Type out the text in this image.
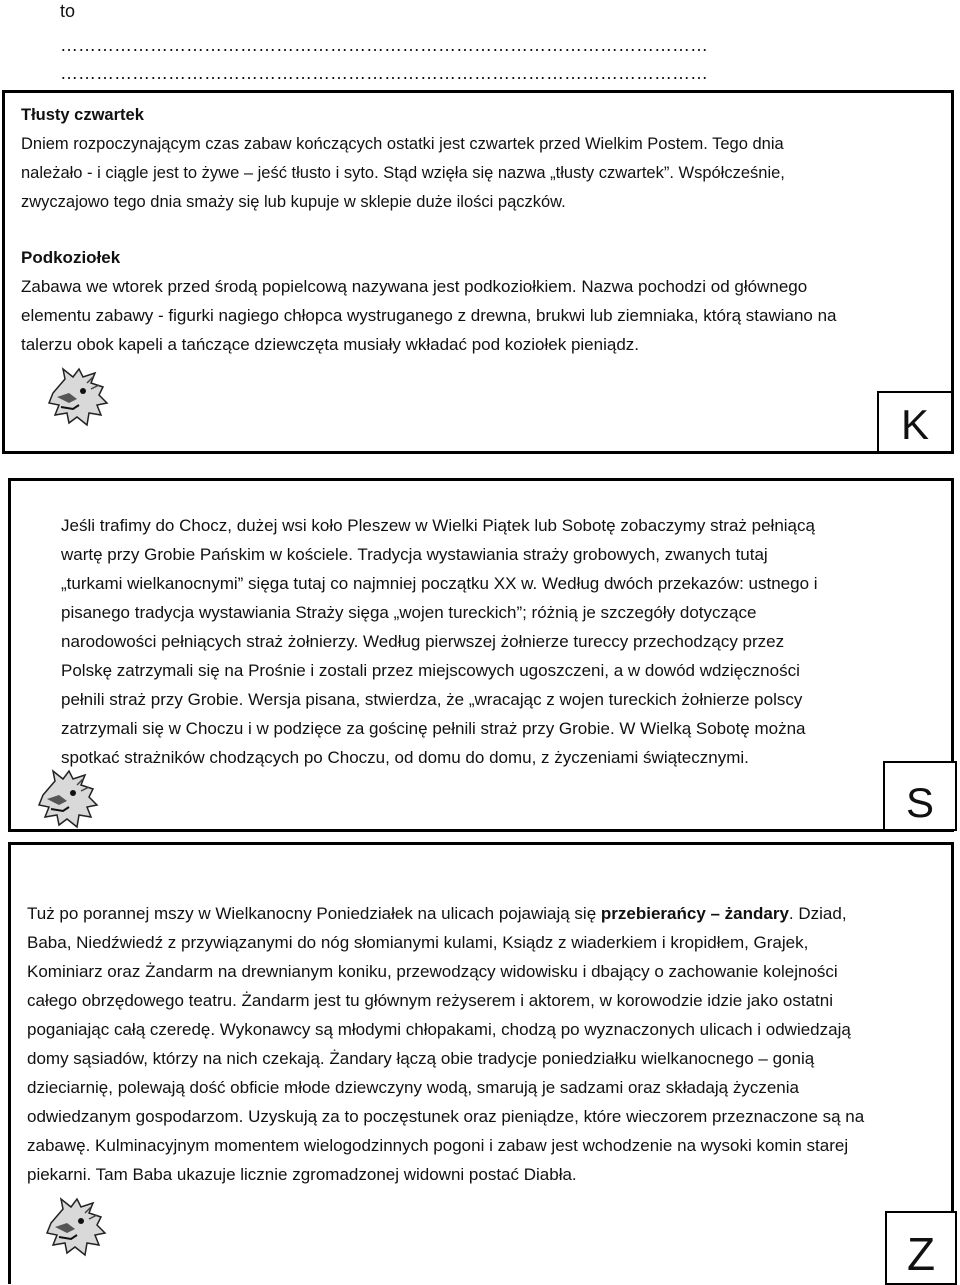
to
………………………………………………………………………………………………
………………………………………………………………………………………………

Tłusty czwartek

Dniem rozpoczynającym czas zabaw kończących ostatki jest czwartek przed Wielkim Postem. Tego dnia

należało - i ciągle jest to żywe – jeść tłusto i syto. Stąd wzięła się nazwa „tłusty czwartek”. Współcześnie,

zwyczajowo tego dnia smaży się lub kupuje w sklepie duże ilości pączków.

Podkoziołek

Zabawa we wtorek przed środą popielcową nazywana jest podkoziołkiem. Nazwa pochodzi od głównego

elementu zabawy - figurki nagiego chłopca wystruganego z drewna, brukwi lub ziemniaka, którą stawiano na

talerzu obok kapeli a tańczące dziewczęta musiały wkładać pod koziołek pieniądz.

K

Jeśli trafimy do Chocz, dużej wsi koło Pleszew w Wielki Piątek lub Sobotę zobaczymy straż pełniącą

wartę przy Grobie Pańskim w kościele. Tradycja wystawiania straży grobowych, zwanych tutaj

„turkami wielkanocnymi” sięga tutaj co najmniej początku XX w. Według dwóch przekazów: ustnego i

pisanego tradycja wystawiania Straży sięga „wojen tureckich”; różnią je szczegóły dotyczące

narodowości pełniących straż żołnierzy. Według pierwszej żołnierze tureccy przechodzący przez

Polskę zatrzymali się na Prośnie i zostali przez miejscowych ugoszczeni, a w dowód wdzięczności

pełnili straż przy Grobie. Wersja pisana, stwierdza, że „wracając z wojen tureckich żołnierze polscy

zatrzymali się w Choczu i w podzięce za gościnę pełnili straż przy Grobie. W Wielką Sobotę można

spotkać strażników chodzących po Choczu, od domu do domu, z życzeniami świątecznymi.

S

Tuż po porannej mszy w Wielkanocny Poniedziałek na ulicach pojawiają się przebierańcy – żandary. Dziad,

Baba, Niedźwiedź z przywiązanymi do nóg słomianymi kulami, Ksiądz z wiaderkiem i kropidłem, Grajek,

Kominiarz oraz Żandarm na drewnianym koniku, przewodzący widowisku i dbający o zachowanie kolejności

całego obrzędowego teatru. Żandarm jest tu głównym reżyserem i aktorem, w korowodzie idzie jako ostatni

poganiając całą czeredę. Wykonawcy są młodymi chłopakami, chodzą po wyznaczonych ulicach i odwiedzają

domy sąsiadów, którzy na nich czekają. Żandary łączą obie tradycje poniedziałku wielkanocnego – gonią

dzieciarnię, polewają dość obficie młode dziewczyny wodą, smarują je sadzami oraz składają życzenia

odwiedzanym gospodarzom. Uzyskują za to poczęstunek oraz pieniądze, które wieczorem przeznaczone są na

zabawę. Kulminacyjnym momentem wielogodzinnych pogoni i zabaw jest wchodzenie na wysoki komin starej

piekarni. Tam Baba ukazuje licznie zgromadzonej widowni postać Diabła.

Z
